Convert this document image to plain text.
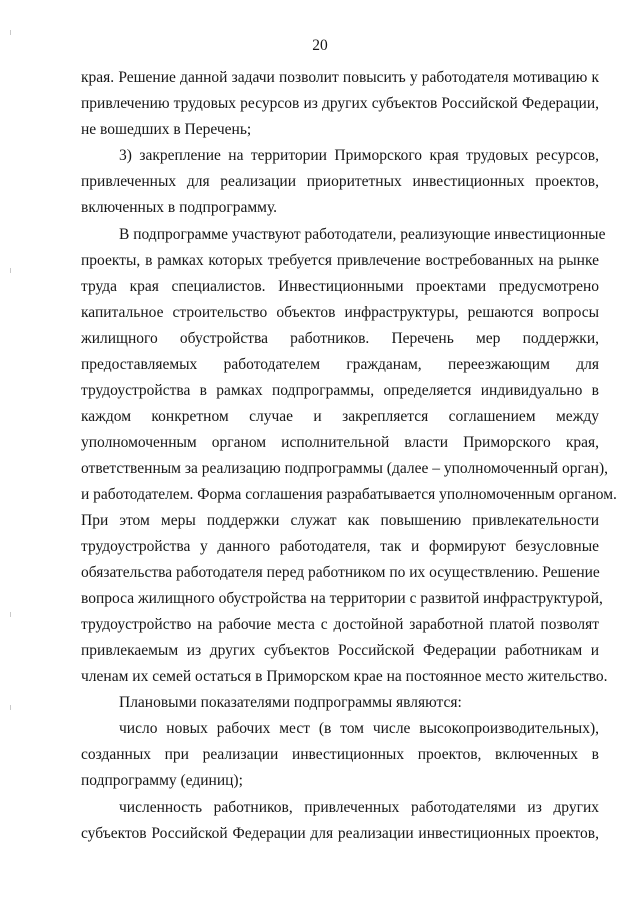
20
края. Решение данной задачи позволит повысить у работодателя мотивацию к
привлечению трудовых ресурсов из других субъектов Российской Федерации,
не вошедших в Перечень;
3) закрепление на территории Приморского края трудовых ресурсов,
привлеченных для реализации приоритетных инвестиционных проектов,
включенных в подпрограмму.
В подпрограмме участвуют работодатели, реализующие инвестиционные
проекты, в рамках которых требуется привлечение востребованных на рынке
труда края специалистов. Инвестиционными проектами предусмотрено
капитальное строительство объектов инфраструктуры, решаются вопросы
жилищного обустройства работников. Перечень мер поддержки,
предоставляемых работодателем гражданам, переезжающим для
трудоустройства в рамках подпрограммы, определяется индивидуально в
каждом конкретном случае и закрепляется соглашением между
уполномоченным органом исполнительной власти Приморского края,
ответственным за реализацию подпрограммы (далее – уполномоченный орган),
и работодателем. Форма соглашения разрабатывается уполномоченным органом.
При этом меры поддержки служат как повышению привлекательности
трудоустройства у данного работодателя, так и формируют безусловные
обязательства работодателя перед работником по их осуществлению. Решение
вопроса жилищного обустройства на территории с развитой инфраструктурой,
трудоустройство на рабочие места с достойной заработной платой позволят
привлекаемым из других субъектов Российской Федерации работникам и
членам их семей остаться в Приморском крае на постоянное место жительство.
Плановыми показателями подпрограммы являются:
число новых рабочих мест (в том числе высокопроизводительных),
созданных при реализации инвестиционных проектов, включенных в
подпрограмму (единиц);
численность работников, привлеченных работодателями из других
субъектов Российской Федерации для реализации инвестиционных проектов,
